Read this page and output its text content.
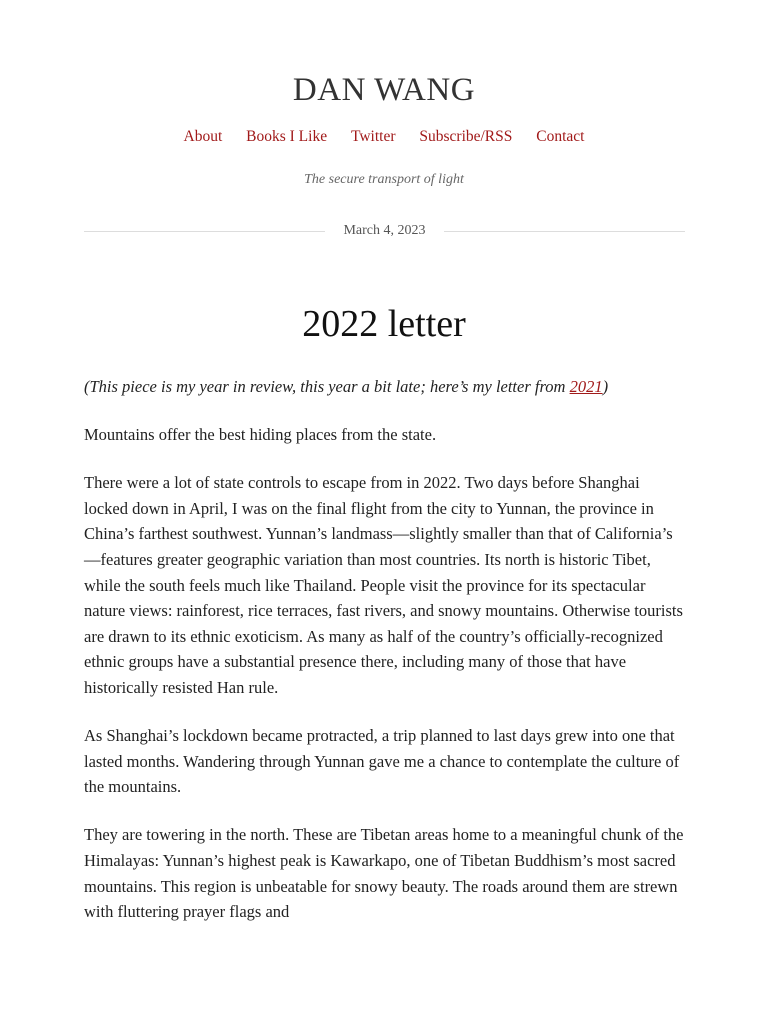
DAN WANG
About Books I Like Twitter Subscribe/RSS Contact
The secure transport of light
March 4, 2023
2022 letter

(This piece is my year in review, this year a bit late; here’s my letter from 2021)

Mountains offer the best hiding places from the state.

There were a lot of state controls to escape from in 2022. Two days before Shanghai locked down in April, I was on the final flight from the city to Yunnan, the province in China’s farthest southwest. Yunnan’s landmass—slightly smaller than that of California’s—features greater geographic variation than most countries. Its north is historic Tibet, while the south feels much like Thailand. People visit the province for its spectacular nature views: rainforest, rice terraces, fast rivers, and snowy mountains. Otherwise tourists are drawn to its ethnic exoticism. As many as half of the country’s officially-recognized ethnic groups have a substantial presence there, including many of those that have historically resisted Han rule.

As Shanghai’s lockdown became protracted, a trip planned to last days grew into one that lasted months. Wandering through Yunnan gave me a chance to contemplate the culture of the mountains.

They are towering in the north. These are Tibetan areas home to a meaningful chunk of the Himalayas: Yunnan’s highest peak is Kawarkapo, one of Tibetan Buddhism’s most sacred mountains. This region is unbeatable for snowy beauty. The roads around them are strewn with fluttering prayer flags and
